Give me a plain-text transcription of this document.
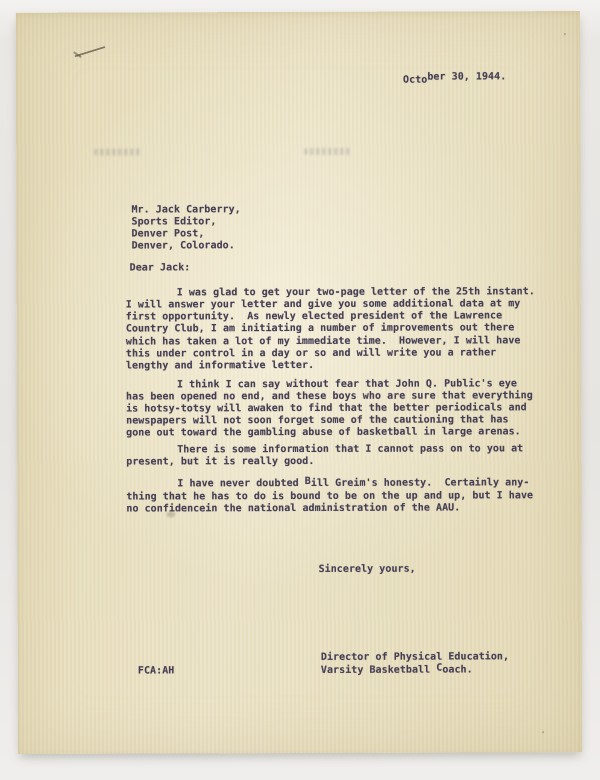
October 30, 1944.
Mr. Jack Carberry,
Sports Editor,
Denver Post,
Denver, Colorado.
Dear Jack:
I was glad to get your two-page letter of the 25th instant.
I will answer your letter and give you some additional data at my
first opportunity.  As newly elected president of the Lawrence
Country Club, I am initiating a number of improvements out there
which has taken a lot of my immediate time.  However, I will have
this under control in a day or so and will write you a rather
lengthy and informative letter.
I think I can say without fear that John Q. Public's eye
has been opened no end, and these boys who are sure that everything
is hotsy-totsy will awaken to find that the better periodicals and
newspapers will not soon forget some of the cautioning that has
gone out toward the gambling abuse of basketball in large arenas.
There is some information that I cannot pass on to you at
present, but it is really good.
I have never doubted Bill Greim's honesty.  Certainly any-
thing that he has to do is bound to be on the up and up, but I have
no confidencein the national administration of the AAU.
Sincerely yours,
Director of Physical Education,
Varsity Basketball Coach.
FCA:AH
